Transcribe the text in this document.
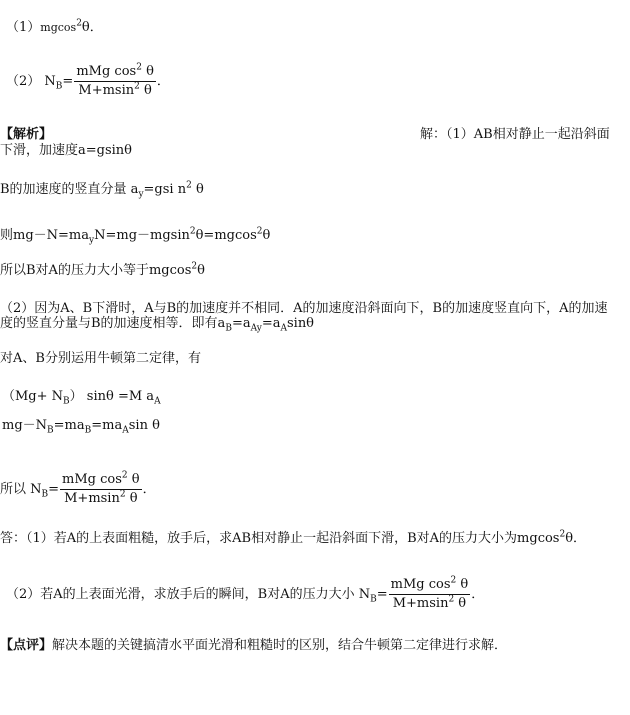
（1）mgcos$^2$θ．
（2） $N_B= \frac{mMg \cos^2 \theta}{M+msin^2 \theta}$ ．
【解析】	解：（1）AB相对静止一起沿斜面
下滑，加速度a=gsinθ
B的加速度的竖直分量 $a_y=gsi$ $n^2$ θ
则$mg-N=ma_yN=mg-mgsin^2\theta=mgcos^2\theta$
所以B对A的压力大小等于mgcos$^2$θ
（2）因为A、B下滑时，A与B的加速度并不相同．A的加速度沿斜面向下，B的加速度竖直向下，A的加速
度的竖直分量与B的加速度相等．即有$a_B=a_{Ay}=a_A\sin\theta$
对A、B分别运用牛顿第二定律，有
$(Mg+ N_B)$ sinθ =M $a_A$
$mg-N_B=ma_B=ma_A\sin$ θ
所以 $N_B= \frac{mMg \cos^2 \theta}{M+msin^2 \theta}$ ．
答：（1）若A的上表面粗糙，放手后，求AB相对静止一起沿斜面下滑，B对A的压力大小为mgcos$^2$θ．
（2）若A的上表面光滑，求放手后的瞬间，B对A的压力大小 $N_B= \frac{mMg \cos^2 \theta}{M+msin^2 \theta}$ ．
【点评】解决本题的关键搞清水平面光滑和粗糙时的区别，结合牛顿第二定律进行求解．
